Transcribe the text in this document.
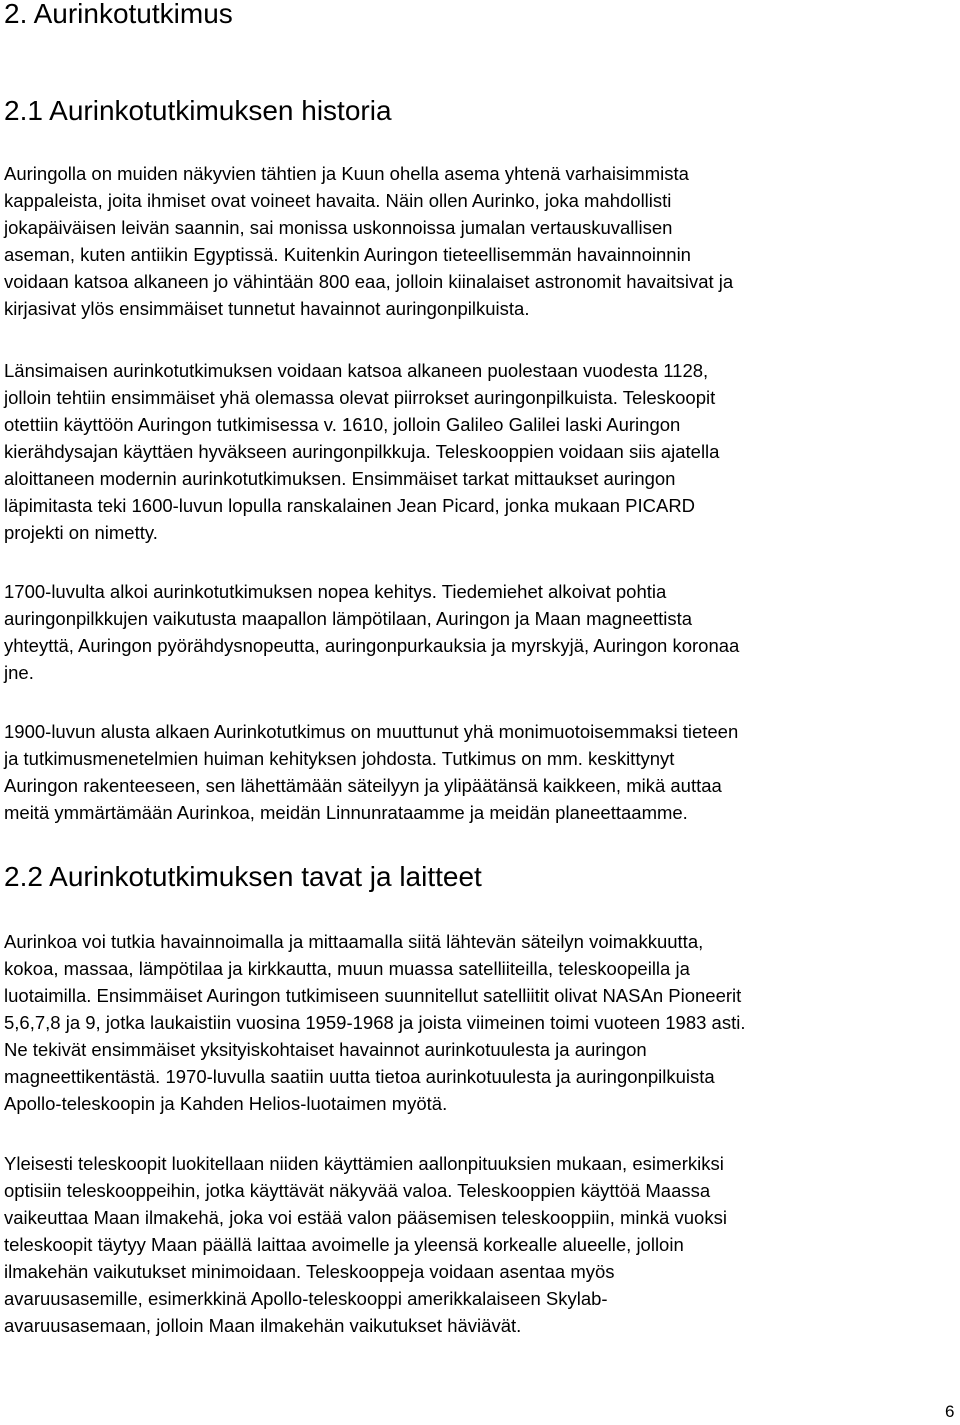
2. Aurinkotutkimus
2.1 Aurinkotutkimuksen historia
Auringolla on muiden näkyvien tähtien ja Kuun ohella asema yhtenä varhaisimmista
kappaleista, joita ihmiset ovat voineet havaita. Näin ollen Aurinko, joka mahdollisti
jokapäiväisen leivän saannin, sai monissa uskonnoissa jumalan vertauskuvallisen
aseman, kuten antiikin Egyptissä. Kuitenkin Auringon tieteellisemmän havainnoinnin
voidaan katsoa alkaneen jo vähintään 800 eaa, jolloin kiinalaiset astronomit havaitsivat ja
kirjasivat ylös ensimmäiset tunnetut havainnot auringonpilkuista.
Länsimaisen aurinkotutkimuksen voidaan katsoa alkaneen puolestaan vuodesta 1128,
jolloin tehtiin ensimmäiset yhä olemassa olevat piirrokset auringonpilkuista. Teleskoopit
otettiin käyttöön Auringon tutkimisessa v. 1610, jolloin Galileo Galilei laski Auringon
kierähdysajan käyttäen hyväkseen auringonpilkkuja. Teleskooppien voidaan siis ajatella
aloittaneen modernin aurinkotutkimuksen. Ensimmäiset tarkat mittaukset auringon
läpimitasta teki 1600-luvun lopulla ranskalainen Jean Picard, jonka mukaan PICARD
projekti on nimetty.
1700-luvulta alkoi aurinkotutkimuksen nopea kehitys. Tiedemiehet alkoivat pohtia
auringonpilkkujen vaikutusta maapallon lämpötilaan, Auringon ja Maan magneettista
yhteyttä, Auringon pyörähdysnopeutta, auringonpurkauksia ja myrskyjä, Auringon koronaa
jne.
1900-luvun alusta alkaen Aurinkotutkimus on muuttunut yhä monimuotoisemmaksi tieteen
ja tutkimusmenetelmien huiman kehityksen johdosta. Tutkimus on mm. keskittynyt
Auringon rakenteeseen, sen lähettämään säteilyyn ja ylipäätänsä kaikkeen, mikä auttaa
meitä ymmärtämään Aurinkoa, meidän Linnunrataamme ja meidän planeettaamme.
2.2 Aurinkotutkimuksen tavat ja laitteet
Aurinkoa voi tutkia havainnoimalla ja mittaamalla siitä lähtevän säteilyn voimakkuutta,
kokoa, massaa, lämpötilaa ja kirkkautta, muun muassa satelliiteilla, teleskoopeilla ja
luotaimilla. Ensimmäiset Auringon tutkimiseen suunnitellut satelliitit olivat NASAn Pioneerit
5,6,7,8 ja 9, jotka laukaistiin vuosina 1959-1968 ja joista viimeinen toimi vuoteen 1983 asti.
Ne tekivät ensimmäiset yksityiskohtaiset havainnot aurinkotuulesta ja auringon
magneettikentästä. 1970-luvulla saatiin uutta tietoa aurinkotuulesta ja auringonpilkuista
Apollo-teleskoopin ja Kahden Helios-luotaimen myötä.
Yleisesti teleskoopit luokitellaan niiden käyttämien aallonpituuksien mukaan, esimerkiksi
optisiin teleskooppeihin, jotka käyttävät näkyvää valoa. Teleskooppien käyttöä Maassa
vaikeuttaa Maan ilmakehä, joka voi estää valon pääsemisen teleskooppiin, minkä vuoksi
teleskoopit täytyy Maan päällä laittaa avoimelle ja yleensä korkealle alueelle, jolloin
ilmakehän vaikutukset minimoidaan. Teleskooppeja voidaan asentaa myös
avaruusasemille, esimerkkinä Apollo-teleskooppi amerikkalaiseen Skylab-
avaruusasemaan, jolloin Maan ilmakehän vaikutukset häviävät.
6
